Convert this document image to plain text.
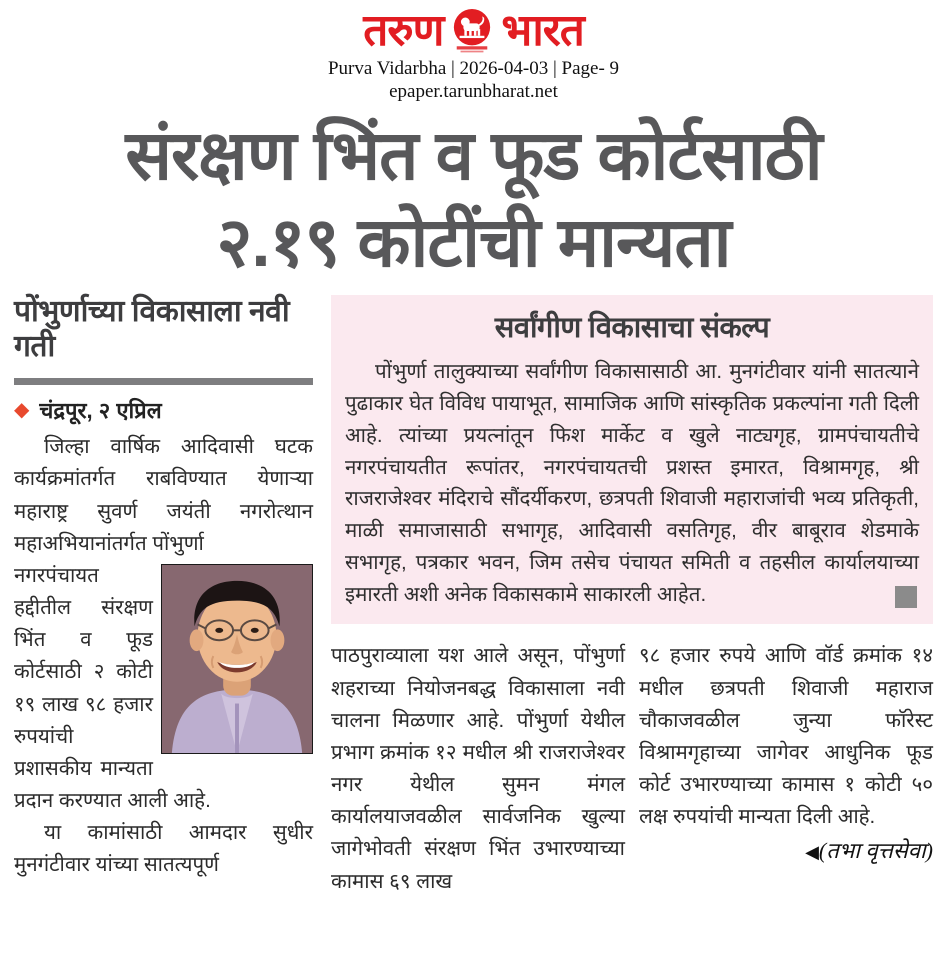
तरुण भारत
Purva Vidarbha | 2026-04-03 | Page- 9
epaper.tarunbharat.net
संरक्षण भिंत व फूड कोर्टसाठी
२.१९ कोटींची मान्यता
पोंभुर्णाच्या विकासाला नवी गती
◆ चंद्रपूर, २ एप्रिल

जिल्हा वार्षिक आदिवासी घटक कार्यक्रमांतर्गत राबविण्यात येणाऱ्या महाराष्ट्र सुवर्ण जयंती नगरोत्थान महाअभियानांतर्गत पोंभुर्णा

नगरपंचायत हद्दीतील संरक्षण भिंत व फूड कोर्टसाठी २ कोटी १९ लाख ९८ हजार रुपयांची प्रशासकीय मान्यता प्रदान करण्यात आली आहे.

या कामांसाठी आमदार सुधीर मुनगंटीवार यांच्या सातत्यपूर्ण

सर्वांगीण विकासाचा संकल्प

पोंभुर्णा तालुक्याच्या सर्वांगीण विकासासाठी आ. मुनगंटीवार यांनी सातत्याने पुढाकार घेत विविध पायाभूत, सामाजिक आणि सांस्कृतिक प्रकल्पांना गती दिली आहे. त्यांच्या प्रयत्नांतून फिश मार्केट व खुले नाट्यगृह, ग्रामपंचायतीचे नगरपंचायतीत रूपांतर, नगरपंचायतची प्रशस्त इमारत, विश्रामगृह, श्री राजराजेश्वर मंदिराचे सौंदर्यीकरण, छत्रपती शिवाजी महाराजांची भव्य प्रतिकृती, माळी समाजासाठी सभागृह, आदिवासी वसतिगृह, वीर बाबूराव शेडमाके सभागृह, पत्रकार भवन, जिम तसेच पंचायत समिती व तहसील कार्यालयाच्या इमारती अशी अनेक विकासकामे साकारली आहेत.

पाठपुराव्याला यश आले असून, पोंभुर्णा शहराच्या नियोजनबद्ध विकासाला नवी चालना मिळणार आहे. पोंभुर्णा येथील प्रभाग क्रमांक १२ मधील श्री राजराजेश्वर नगर येथील सुमन मंगल कार्यालयाजवळील सार्वजनिक खुल्या जागेभोवती संरक्षण भिंत उभारण्याच्या कामास ६९ लाख
९८ हजार रुपये आणि वॉर्ड क्रमांक १४ मधील छत्रपती शिवाजी महाराज चौकाजवळील जुन्या फॉरेस्ट विश्रामगृहाच्या जागेवर आधुनिक फूड कोर्ट उभारण्याच्या कामास १ कोटी ५० लक्ष रुपयांची मान्यता दिली आहे.
◀(तभा वृत्तसेवा)
